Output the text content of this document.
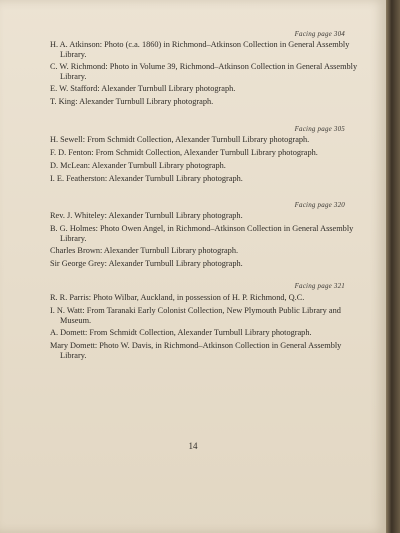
Facing page 304
H. A. Atkinson: Photo (c.a. 1860) in Richmond–Atkinson Collection in General Assembly Library.
C. W. Richmond: Photo in Volume 39, Richmond–Atkinson Collection in General Assembly Library.
E. W. Stafford: Alexander Turnbull Library photograph.
T. King: Alexander Turnbull Library photograph.
Facing page 305
H. Sewell: From Schmidt Collection, Alexander Turnbull Library photograph.
F. D. Fenton: From Schmidt Collection, Alexander Turnbull Library photograph.
D. McLean: Alexander Turnbull Library photograph.
I. E. Featherston: Alexander Turnbull Library photograph.
Facing page 320
Rev. J. Whiteley: Alexander Turnbull Library photograph.
B. G. Holmes: Photo Owen Angel, in Richmond–Atkinson Collection in General Assembly Library.
Charles Brown: Alexander Turnbull Library photograph.
Sir George Grey: Alexander Turnbull Library photograph.
Facing page 321
R. R. Parris: Photo Wilbar, Auckland, in possession of H. P. Richmond, Q.C.
I. N. Watt: From Taranaki Early Colonist Collection, New Plymouth Public Library and Museum.
A. Domett: From Schmidt Collection, Alexander Turnbull Library photograph.
Mary Domett: Photo W. Davis, in Richmond–Atkinson Collection in General Assembly Library.
14
